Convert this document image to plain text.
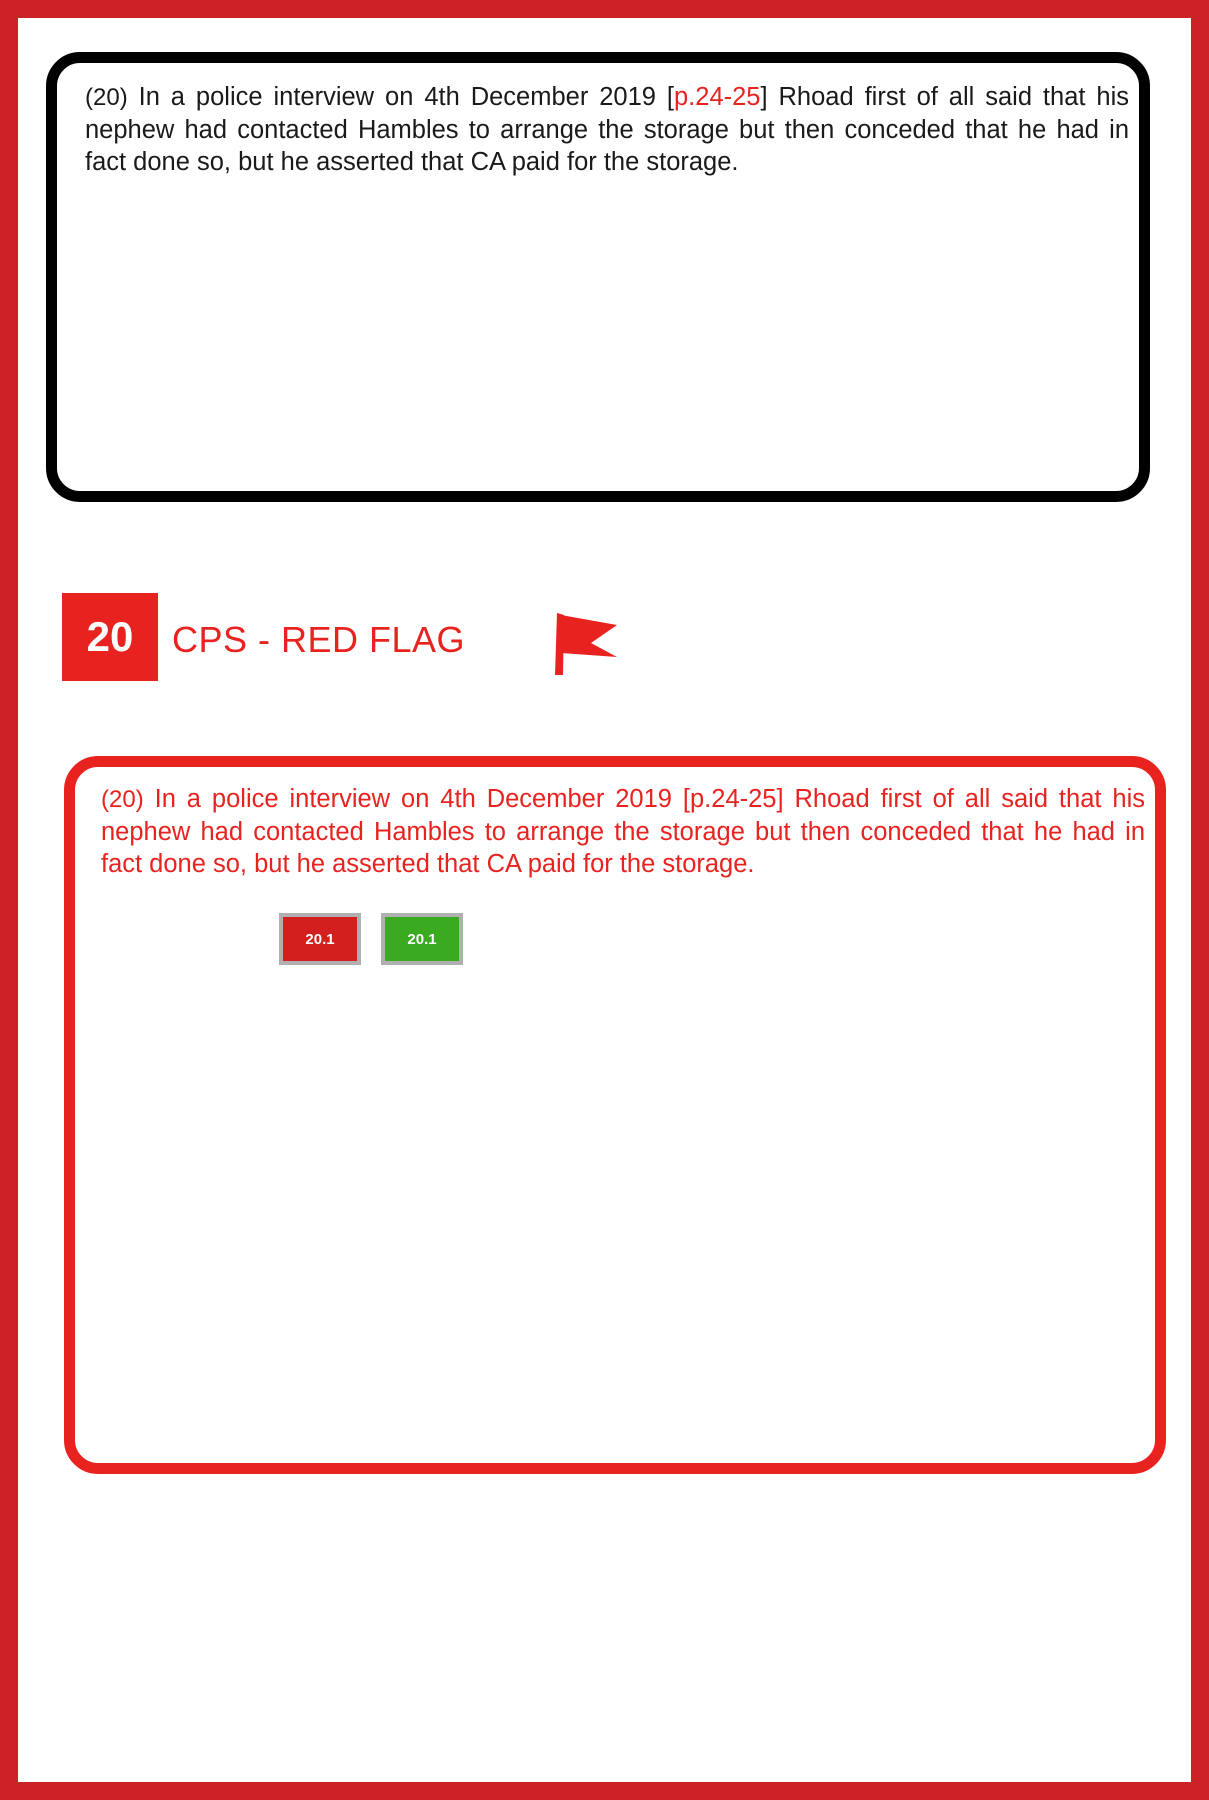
(20) In a police interview on 4th December 2019 [p.24-25] Rhoad first of all said that his nephew had contacted Hambles to arrange the storage but then conceded that he had in fact done so, but he asserted that CA paid for the storage.
20	CPS - RED FLAG
(20) In a police interview on 4th December 2019 [p.24-25] Rhoad first of all said that his nephew had contacted Hambles to arrange the storage but then conceded that he had in fact done so, but he asserted that CA paid for the storage.
20.1	20.1
